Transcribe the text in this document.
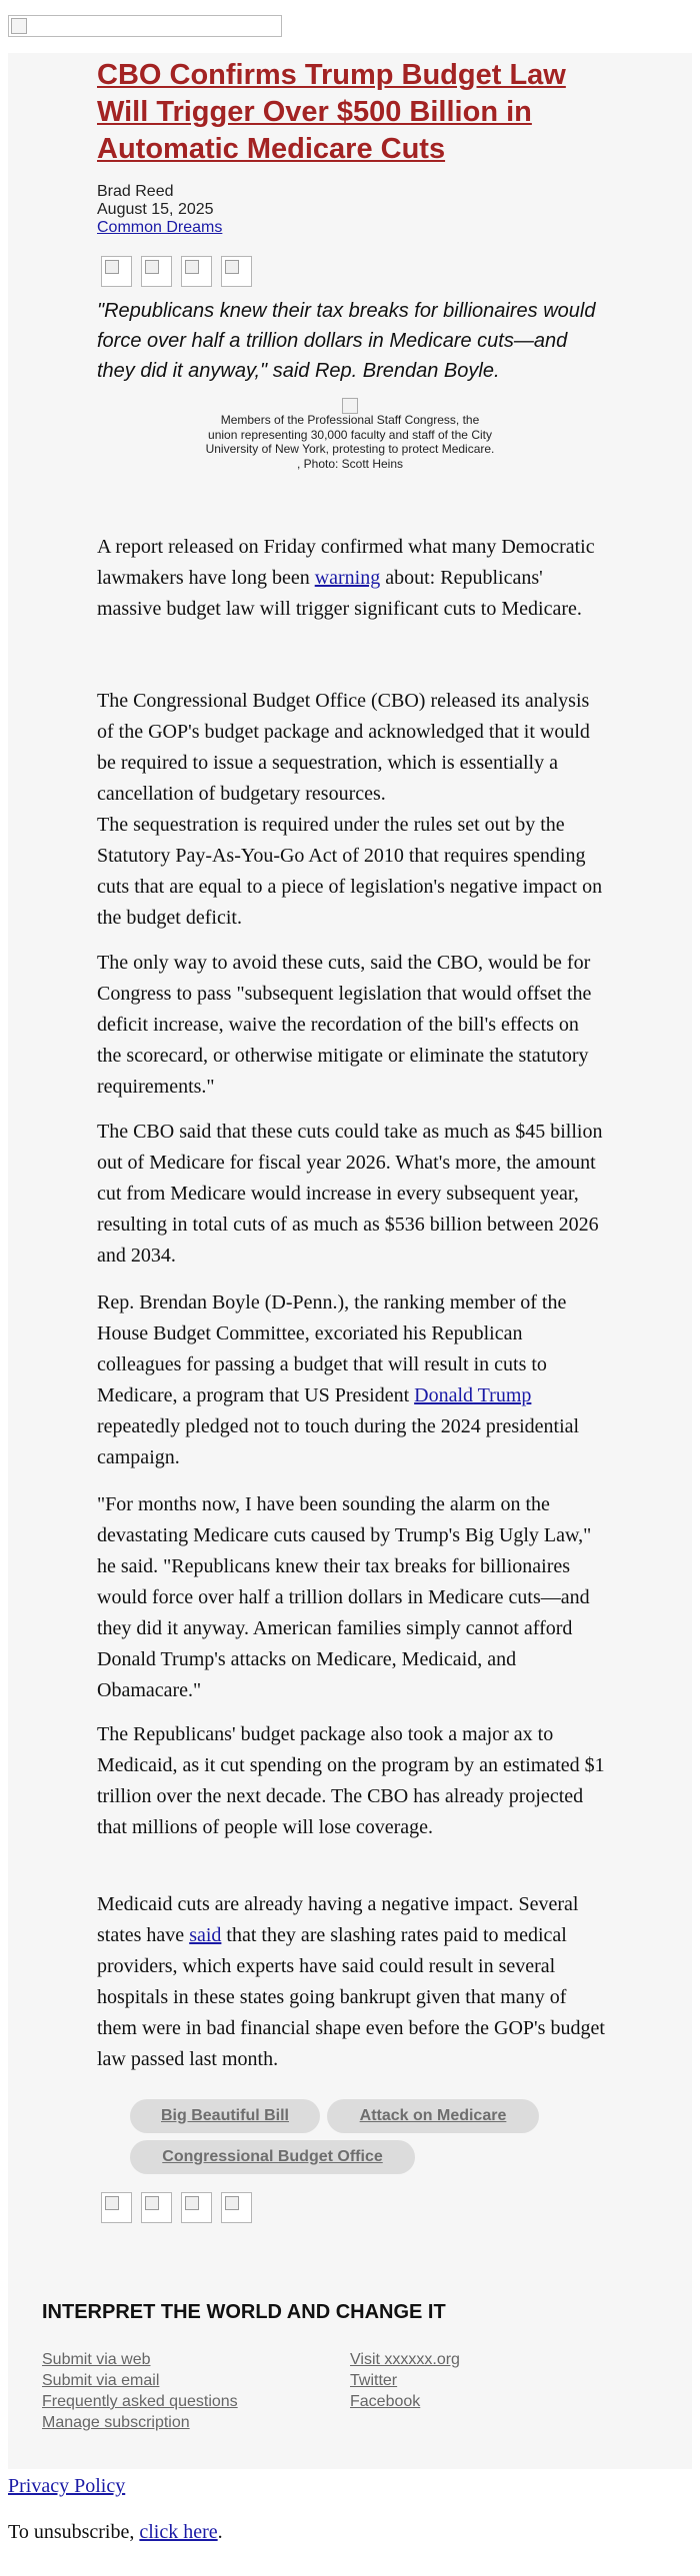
CBO Confirms Trump Budget Law Will Trigger Over $500 Billion in Automatic Medicare Cuts
Brad Reed
August 15, 2025
Common Dreams

"Republicans knew their tax breaks for billionaires would force over half a trillion dollars in Medicare cuts—and they did it anyway," said Rep. Brendan Boyle.

Members of the Professional Staff Congress, the union representing 30,000 faculty and staff of the City University of New York, protesting to protect Medicare. , Photo: Scott Heins

A report released on Friday confirmed what many Democratic lawmakers have long been warning about: Republicans' massive budget law will trigger significant cuts to Medicare.

The Congressional Budget Office (CBO) released its analysis of the GOP's budget package and acknowledged that it would be required to issue a sequestration, which is essentially a cancellation of budgetary resources.

The sequestration is required under the rules set out by the Statutory Pay-As-You-Go Act of 2010 that requires spending cuts that are equal to a piece of legislation's negative impact on the budget deficit.

The only way to avoid these cuts, said the CBO, would be for Congress to pass "subsequent legislation that would offset the deficit increase, waive the recordation of the bill's effects on the scorecard, or otherwise mitigate or eliminate the statutory requirements."

The CBO said that these cuts could take as much as $45 billion out of Medicare for fiscal year 2026. What's more, the amount cut from Medicare would increase in every subsequent year, resulting in total cuts of as much as $536 billion between 2026 and 2034.

Rep. Brendan Boyle (D-Penn.), the ranking member of the House Budget Committee, excoriated his Republican colleagues for passing a budget that will result in cuts to Medicare, a program that US President Donald Trump repeatedly pledged not to touch during the 2024 presidential campaign.

"For months now, I have been sounding the alarm on the devastating Medicare cuts caused by Trump's Big Ugly Law," he said. "Republicans knew their tax breaks for billionaires would force over half a trillion dollars in Medicare cuts—and they did it anyway. American families simply cannot afford Donald Trump's attacks on Medicare, Medicaid, and Obamacare."

The Republicans' budget package also took a major ax to Medicaid, as it cut spending on the program by an estimated $1 trillion over the next decade. The CBO has already projected that millions of people will lose coverage.

Medicaid cuts are already having a negative impact. Several states have said that they are slashing rates paid to medical providers, which experts have said could result in several hospitals in these states going bankrupt given that many of them were in bad financial shape even before the GOP's budget law passed last month.

Big Beautiful Bill	Attack on Medicare
Congressional Budget Office
INTERPRET THE WORLD AND CHANGE IT
Submit via web
Submit via email
Frequently asked questions
Manage subscription
Visit xxxxxx.org
Twitter
Facebook
Privacy Policy
To unsubscribe, click here.
